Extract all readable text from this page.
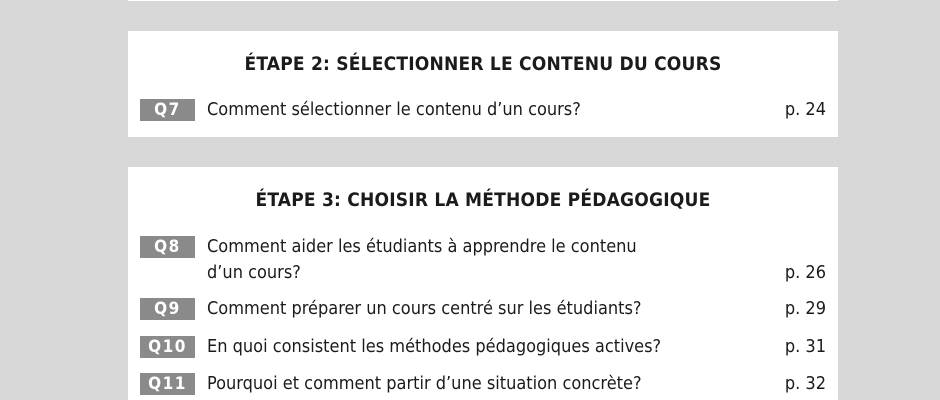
ÉTAPE 2: SÉLECTIONNER LE CONTENU DU COURS
Q7	Comment sélectionner le contenu d’un cours?	p. 24
ÉTAPE 3: CHOISIR LA MÉTHODE PÉDAGOGIQUE
Q8	Comment aider les étudiants à apprendre le contenu
d’un cours?	p. 26
Q9	Comment préparer un cours centré sur les étudiants?	p. 29
Q10	En quoi consistent les méthodes pédagogiques actives?	p. 31
Q11	Pourquoi et comment partir d’une situation concrète?	p. 32
